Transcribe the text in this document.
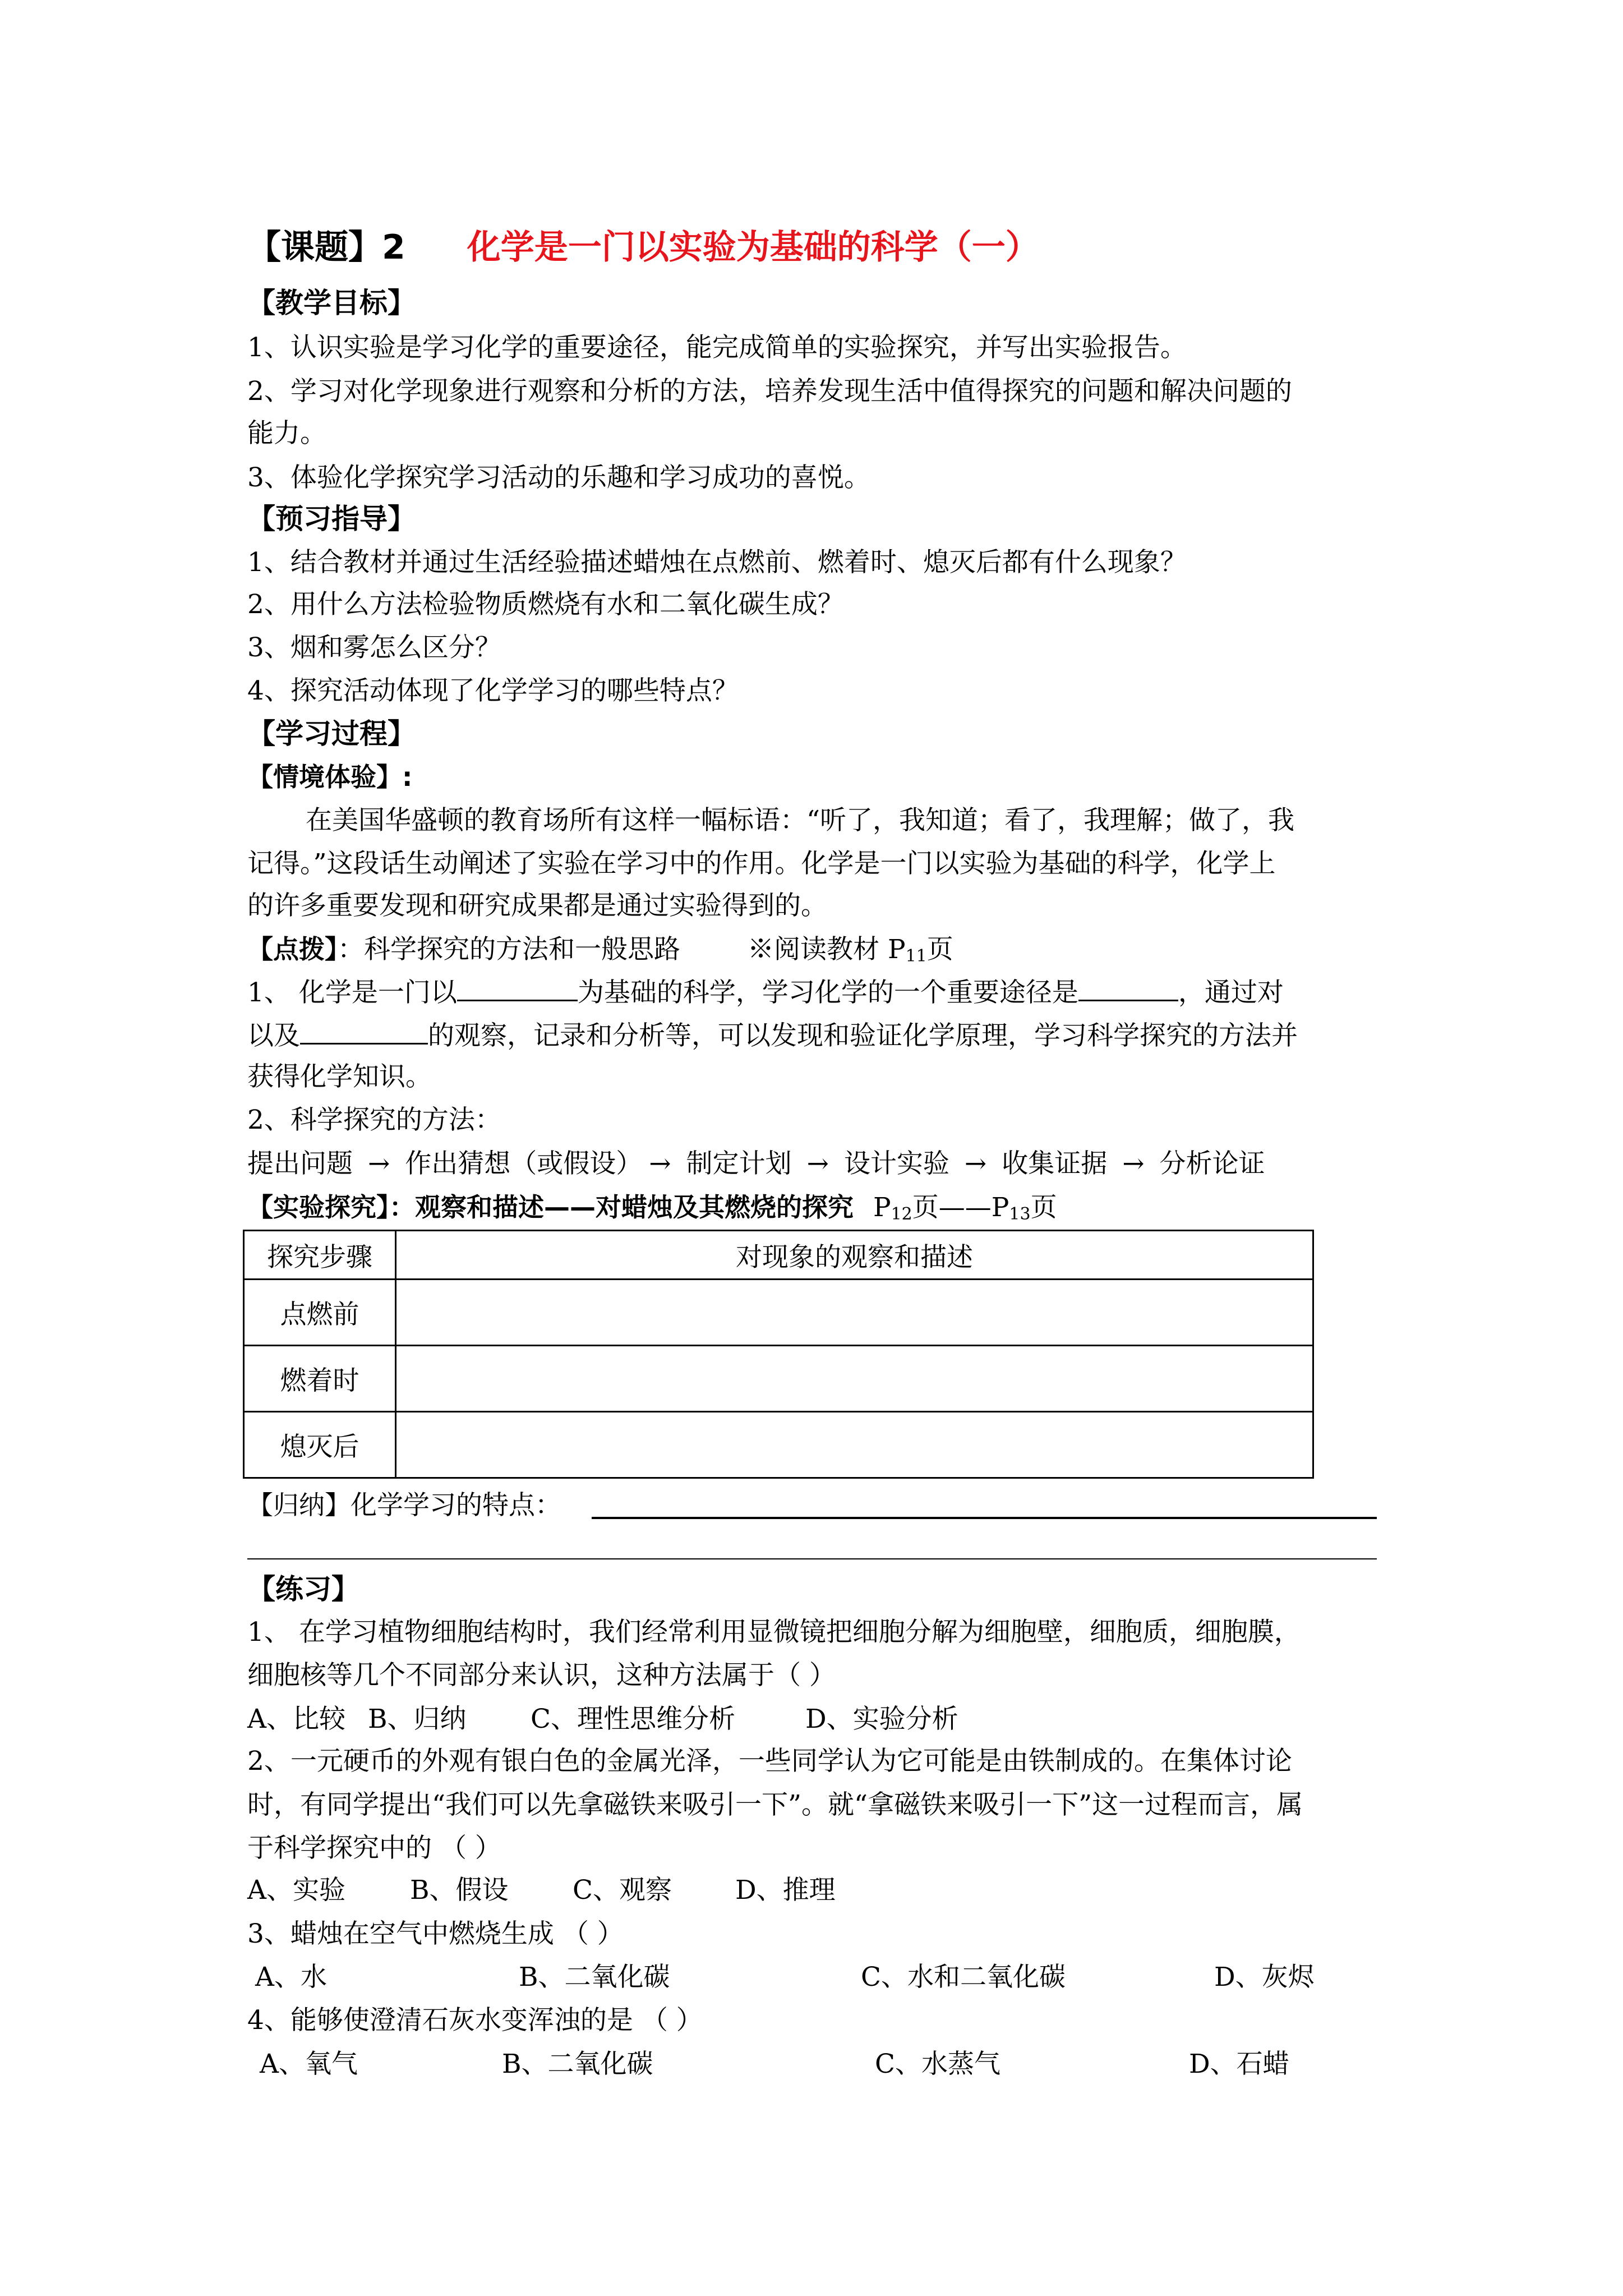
【课题】2 化学是一门以实验为基础的科学（一）
【教学目标】
1、认识实验是学习化学的重要途径，能完成简单的实验探究，并写出实验报告。
2、学习对化学现象进行观察和分析的方法，培养发现生活中值得探究的问题和解决问题的
能力。
3、体验化学探究学习活动的乐趣和学习成功的喜悦。
【预习指导】
1、结合教材并通过生活经验描述蜡烛在点燃前、燃着时、熄灭后都有什么现象？
2、用什么方法检验物质燃烧有水和二氧化碳生成？
3、烟和雾怎么区分？
4、探究活动体现了化学学习的哪些特点？
【学习过程】
【情境体验】:
在美国华盛顿的教育场所有这样一幅标语：“听了，我知道；看了，我理解；做了，我
记得。”这段话生动阐述了实验在学习中的作用。化学是一门以实验为基础的科学，化学上
的许多重要发现和研究成果都是通过实验得到的。
【点拨】：科学探究的方法和一般思路	※阅读教材 $P_{11}$页
1、 化学是一门以	为基础的科学，学习化学的一个重要途径是	，通过对
以及	的观察，记录和分析等，可以发现和验证化学原理，学习科学探究的方法并
获得化学知识。
2、科学探究的方法：
提出问题 → 作出猜想（或假设） → 制定计划 → 设计实验 → 收集证据 → 分析论证
【实验探究】：观察和描述——对蜡烛及其燃烧的探究 $P_{12}$页$——P_{13}$页
探究步骤	对现象的观察和描述
点燃前	
燃着时	
熄灭后	
【归纳】化学学习的特点：
【练习】
1、 在学习植物细胞结构时，我们经常利用显微镜把细胞分解为细胞壁，细胞质，细胞膜，
细胞核等几个不同部分来认识，这种方法属于（ ）
A、比较 B、归纳 C、理性思维分析	D、实验分析
2、一元硬币的外观有银白色的金属光泽，一些同学认为它可能是由铁制成的。在集体讨论
时，有同学提出“我们可以先拿磁铁来吸引一下”。就“拿磁铁来吸引一下”这一过程而言，属
于科学探究中的 （ ）
A、实验 B、假设 C、观察 D、推理
3、蜡烛在空气中燃烧生成 （ ）
A、水	B、二氧化碳	C、水和二氧化碳	D、灰烬
4、能够使澄清石灰水变浑浊的是 （ ）
A、氧气	B、二氧化碳	C、水蒸气	D、石蜡
